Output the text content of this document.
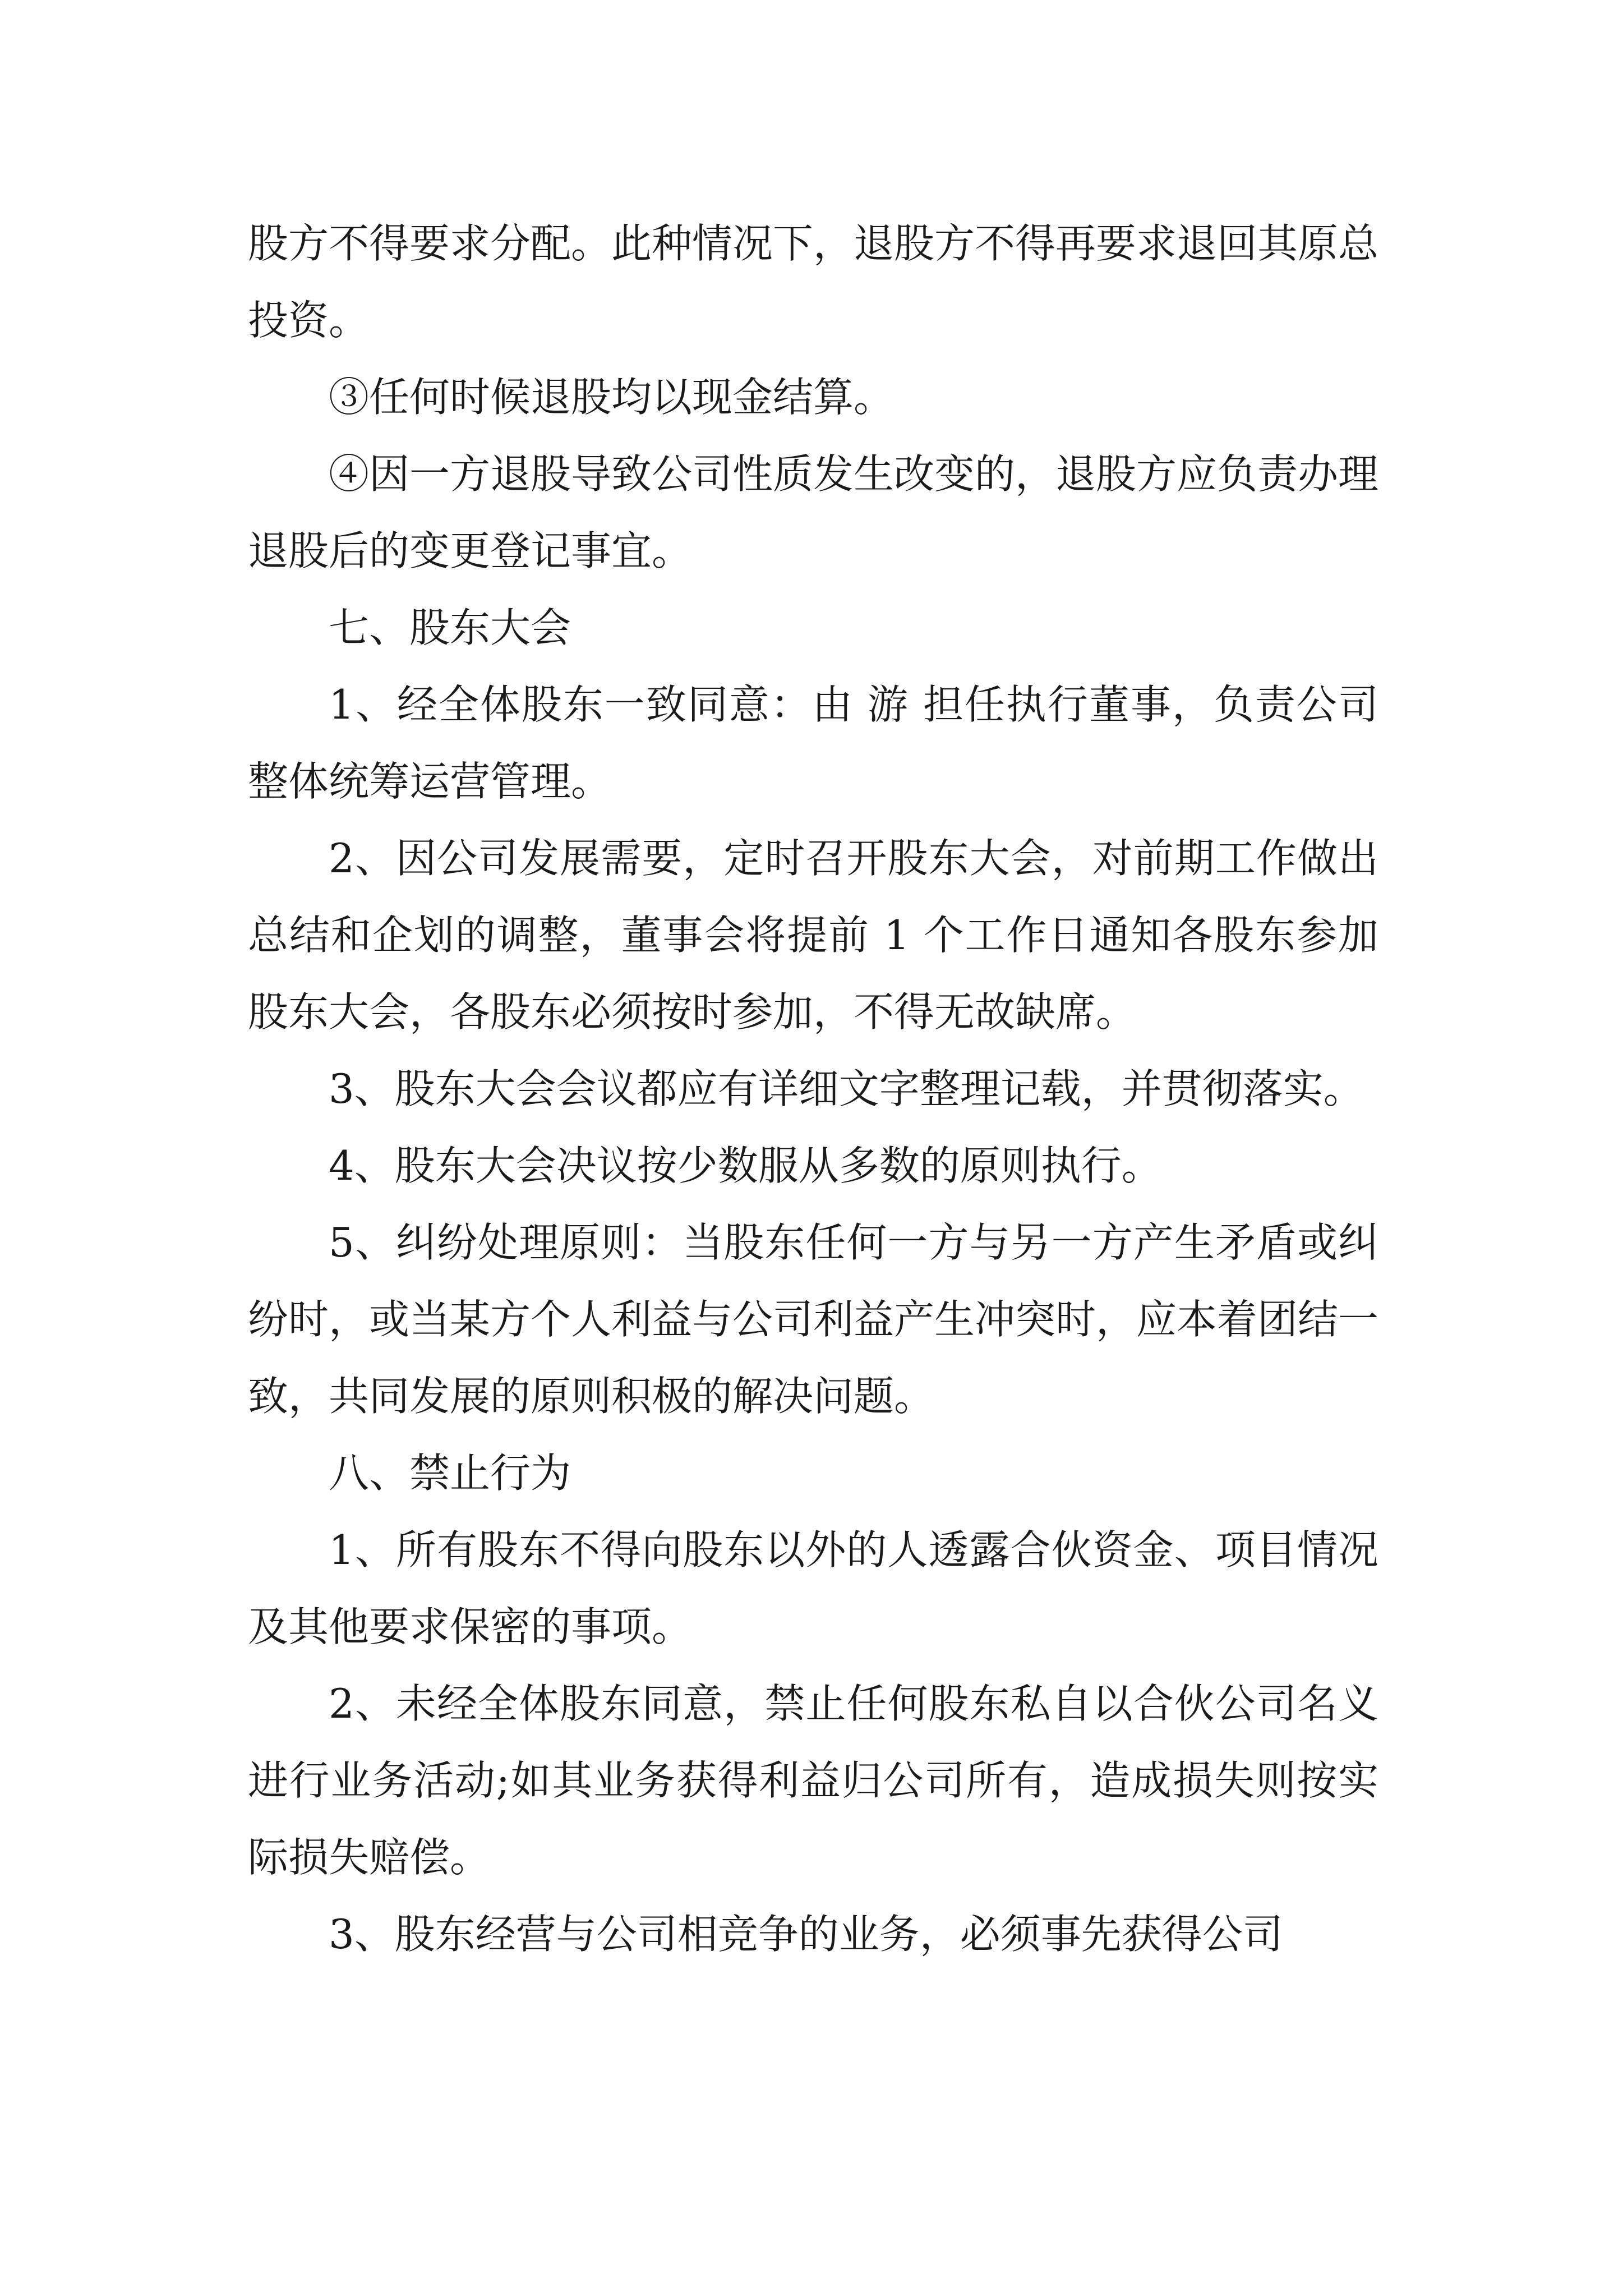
股方不得要求分配。此种情况下，退股方不得再要求退回其原总投资。

③任何时候退股均以现金结算。

④因一方退股导致公司性质发生改变的，退股方应负责办理退股后的变更登记事宜。

七、股东大会

1、经全体股东一致同意：由 游 担任执行董事，负责公司整体统筹运营管理。

2、因公司发展需要，定时召开股东大会，对前期工作做出总结和企划的调整，董事会将提前 1 个工作日通知各股东参加股东大会，各股东必须按时参加，不得无故缺席。

3、股东大会会议都应有详细文字整理记载，并贯彻落实。

4、股东大会决议按少数服从多数的原则执行。

5、纠纷处理原则：当股东任何一方与另一方产生矛盾或纠纷时，或当某方个人利益与公司利益产生冲突时，应本着团结一致，共同发展的原则积极的解决问题。

八、禁止行为

1、所有股东不得向股东以外的人透露合伙资金、项目情况及其他要求保密的事项。

2、未经全体股东同意，禁止任何股东私自以合伙公司名义进行业务活动;如其业务获得利益归公司所有，造成损失则按实际损失赔偿。

3、股东经营与公司相竞争的业务，必须事先获得公司
